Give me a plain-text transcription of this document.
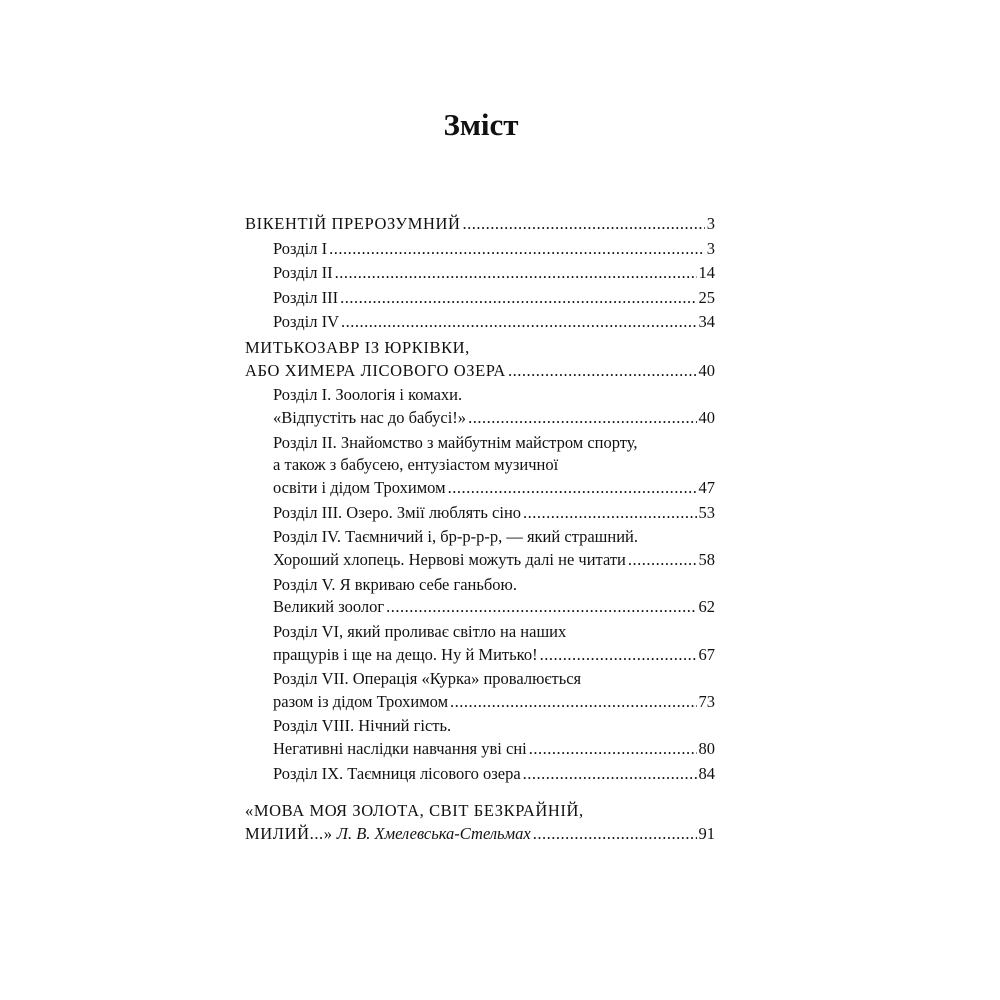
Зміст
ВІКЕНТІЙ ПРЕРОЗУМНИЙ .....	3
Розділ I .....	3
Розділ II .....	14
Розділ III .....	25
Розділ IV .....	34
МИТЬКОЗАВР ІЗ ЮРКІВКИ,
АБО ХИМЕРА ЛІСОВОГО ОЗЕРА .....	40
Розділ I. Зоологія і комахи.
«Відпустіть нас до бабусі!» .....	40
Розділ II. Знайомство з майбутнім майстром спорту,
а також з бабусею, ентузіастом музичної
освіти і дідом Трохимом .....	47
Розділ III. Озеро. Змії люблять сіно .....	53
Розділ IV. Таємничий і, бр-р-р-р, — який страшний.
Хороший хлопець. Нервові можуть далі не читати .....	58
Розділ V. Я вкриваю себе ганьбою.
Великий зоолог .....	62
Розділ VI, який проливає світло на наших
пращурів і ще на дещо. Ну й Митько! .....	67
Розділ VII. Операція «Курка» провалюється
разом із дідом Трохимом .....	73
Розділ VIII. Нічний гість.
Негативні наслідки навчання уві сні .....	80
Розділ IX. Таємниця лісового озера .....	84
«МОВА МОЯ ЗОЛОТА, СВІТ БЕЗКРАЙНІЙ,
МИЛИЙ...» Л. В. Хмелевська-Стельмах .....	91
